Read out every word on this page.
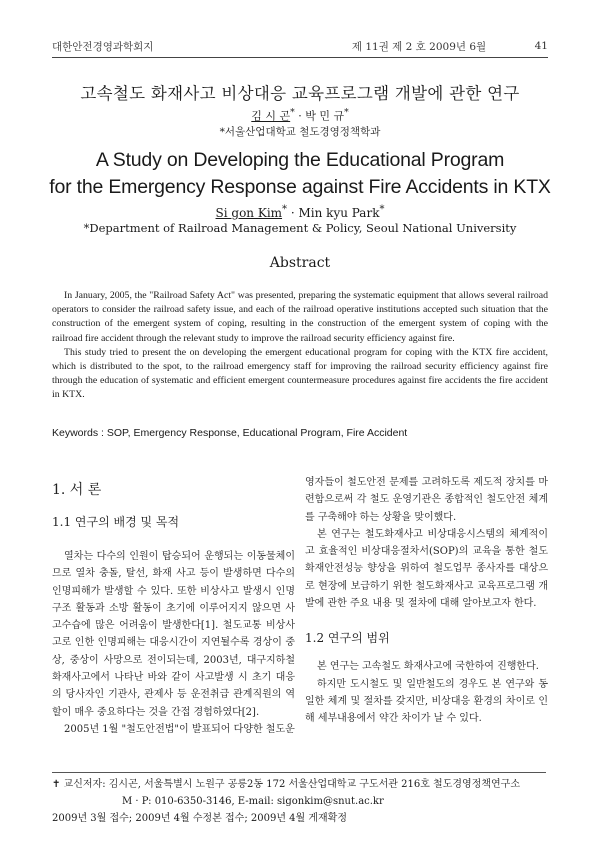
대한안전경영과학회지	제 11권 제 2 호 2009년 6월	41
고속철도 화재사고 비상대응 교육프로그램 개발에 관한 연구
김 시 곤* · 박 민 규*
*서울산업대학교 철도경영정책학과
A Study on Developing the Educational Program
for the Emergency Response against Fire Accidents in KTX
Si gon Kim* · Min kyu Park*
*Department of Railroad Management & Policy, Seoul National University
Abstract

In January, 2005, the "Railroad Safety Act" was presented, preparing the systematic equipment that allows several railroad operators to consider the railroad safety issue, and each of the railroad operative institutions accepted such situation that the construction of the emergent system of coping, resulting in the construction of the emergent system of coping with the railroad fire accident through the relevant study to improve the railroad security efficiency against fire.

This study tried to present the on developing the emergent educational program for coping with the KTX fire accident, which is distributed to the spot, to the railroad emergency staff for improving the railroad security efficiency against fire through the education of systematic and efficient emergent countermeasure procedures against fire accidents the fire accident in KTX.

Keywords : SOP, Emergency Response, Educational Program, Fire Accident
1. 서 론
1.1 연구의 배경 및 목적

열차는 다수의 인원이 탑승되어 운행되는 이동물체이므로 열차 충돌, 탈선, 화재 사고 등이 발생하면 다수의 인명피해가 발생할 수 있다. 또한 비상사고 발생시 인명구조 활동과 소방 활동이 초기에 이루어지지 않으면 사고수습에 많은 어려움이 발생한다[1]. 철도교통 비상사고로 인한 인명피해는 대응시간이 지연될수록 경상이 중상, 중상이 사망으로 전이되는데, 2003년, 대구지하철 화재사고에서 나타난 바와 같이 사고발생 시 초기 대응의 당사자인 기관사, 관제사 등 운전취급 관계직원의 역할이 매우 중요하다는 것을 간접 경험하였다[2].

2005년 1월 "철도안전법"이 발표되어 다양한 철도운

영자들이 철도안전 문제를 고려하도록 제도적 장치를 마련함으로써 각 철도 운영기관은 종합적인 철도안전 체계를 구축해야 하는 상황을 맞이했다.

본 연구는 철도화재사고 비상대응시스템의 체계적이고 효율적인 비상대응절차서(SOP)의 교육을 통한 철도화재안전성능 향상을 위하여 철도업무 종사자를 대상으로 현장에 보급하기 위한 철도화재사고 교육프로그램 개발에 관한 주요 내용 및 절차에 대해 알아보고자 한다.

1.2 연구의 범위

본 연구는 고속철도 화재사고에 국한하여 진행한다.

하지만 도시철도 및 일반철도의 경우도 본 연구와 동일한 체계 및 절차를 갖지만, 비상대응 환경의 차이로 인해 세부내용에서 약간 차이가 날 수 있다.

✝ 교신저자: 김시곤, 서울특별시 노원구 공릉2동 172 서울산업대학교 구도서관 216호 철도경영정책연구소
M · P: 010-6350-3146, E-mail: sigonkim@snut.ac.kr
2009년 3월 접수; 2009년 4월 수정본 접수; 2009년 4월 게재확정
